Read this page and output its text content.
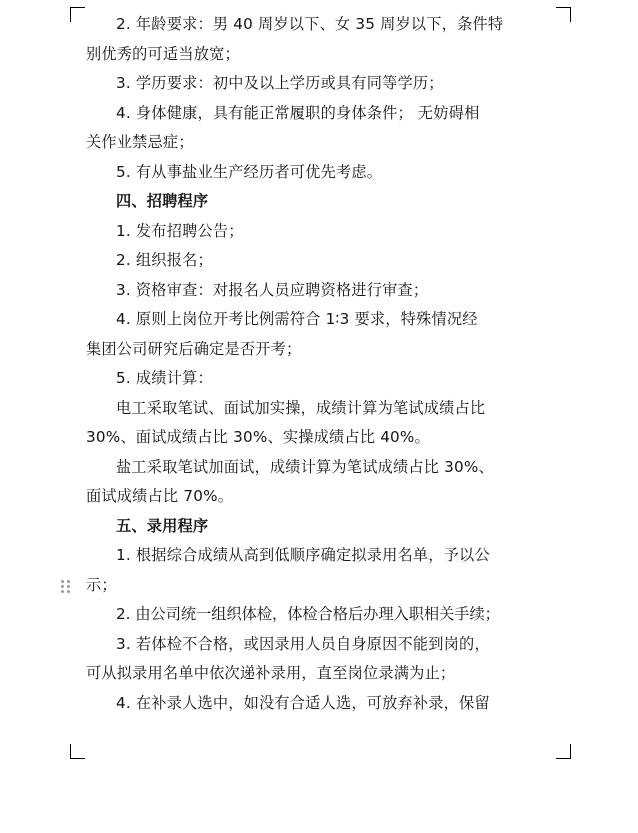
2. 年龄要求：男 40 周岁以下、女 35 周岁以下，条件特

别优秀的可适当放宽；

3. 学历要求：初中及以上学历或具有同等学历；

4. 身体健康，具有能正常履职的身体条件； 无妨碍相

关作业禁忌症；

5. 有从事盐业生产经历者可优先考虑。

四、招聘程序

1. 发布招聘公告；

2. 组织报名；

3. 资格审查：对报名人员应聘资格进行审查；

4. 原则上岗位开考比例需符合 1∶3 要求，特殊情况经

集团公司研究后确定是否开考；

5. 成绩计算：

电工采取笔试、面试加实操，成绩计算为笔试成绩占比

30%、面试成绩占比 30%、实操成绩占比 40%。

盐工采取笔试加面试，成绩计算为笔试成绩占比 30%、

面试成绩占比 70%。

五、录用程序

1. 根据综合成绩从高到低顺序确定拟录用名单，予以公

示；

2. 由公司统一组织体检，体检合格后办理入职相关手续；

3. 若体检不合格，或因录用人员自身原因不能到岗的，

可从拟录用名单中依次递补录用，直至岗位录满为止；

4. 在补录人选中，如没有合适人选，可放弃补录，保留
